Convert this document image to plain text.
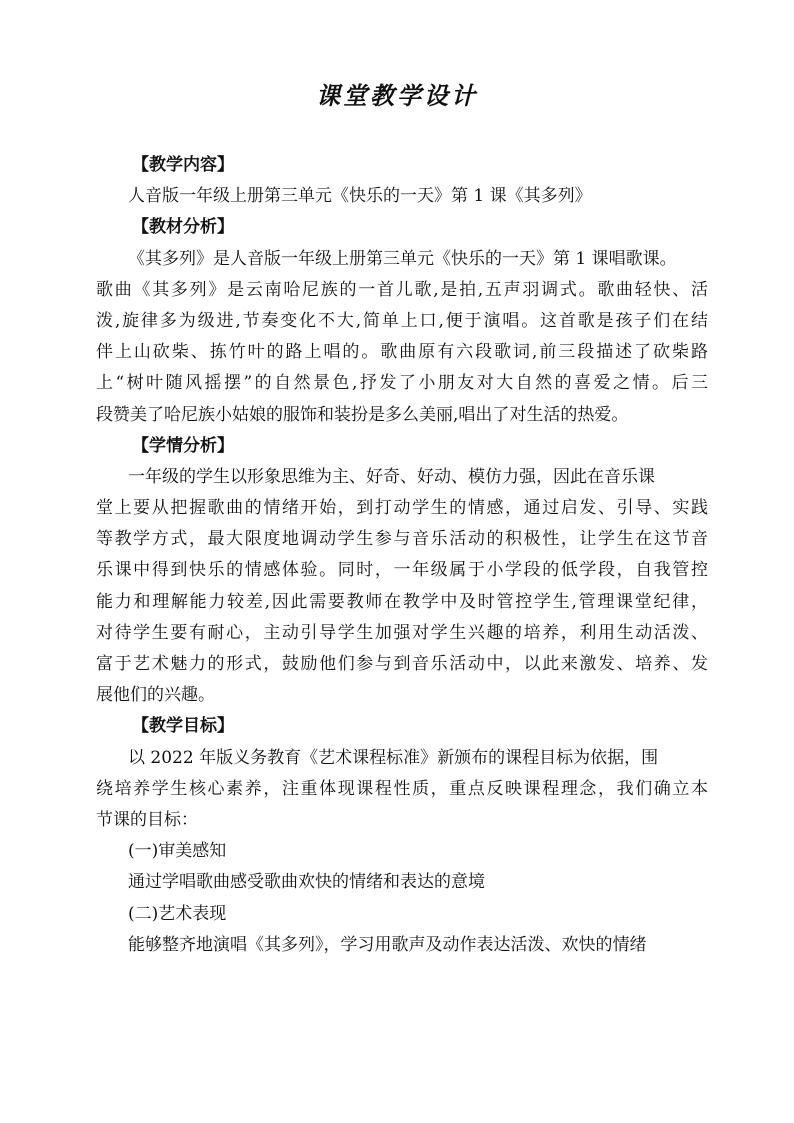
课堂教学设计
【教学内容】
人音版一年级上册第三单元《快乐的一天》第 1 课《其多列》
【教材分析】
《其多列》是人音版一年级上册第三单元《快乐的一天》第 1 课唱歌课。
歌曲《其多列》是云南哈尼族的一首儿歌,是拍,五声羽调式。歌曲轻快、活
泼,旋律多为级进,节奏变化不大,简单上口,便于演唱。这首歌是孩子们在结
伴上山砍柴、拣竹叶的路上唱的。歌曲原有六段歌词,前三段描述了砍柴路
上“树叶随风摇摆”的自然景色,抒发了小朋友对大自然的喜爱之情。后三
段赞美了哈尼族小姑娘的服饰和装扮是多么美丽,唱出了对生活的热爱。
【学情分析】
一年级的学生以形象思维为主、好奇、好动、模仿力强，因此在音乐课
堂上要从把握歌曲的情绪开始，到打动学生的情感，通过启发、引导、实践
等教学方式，最大限度地调动学生参与音乐活动的积极性，让学生在这节音
乐课中得到快乐的情感体验。同时，一年级属于小学段的低学段，自我管控
能力和理解能力较差,因此需要教师在教学中及时管控学生,管理课堂纪律，
对待学生要有耐心，主动引导学生加强对学生兴趣的培养，利用生动活泼、
富于艺术魅力的形式，鼓励他们参与到音乐活动中，以此来激发、培养、发
展他们的兴趣。
【教学目标】
以 2022 年版义务教育《艺术课程标准》新颁布的课程目标为依据，围
绕培养学生核心素养，注重体现课程性质，重点反映课程理念，我们确立本
节课的目标：
(一)审美感知
通过学唱歌曲感受歌曲欢快的情绪和表达的意境
(二)艺术表现
能够整齐地演唱《其多列》，学习用歌声及动作表达活泼、欢快的情绪
